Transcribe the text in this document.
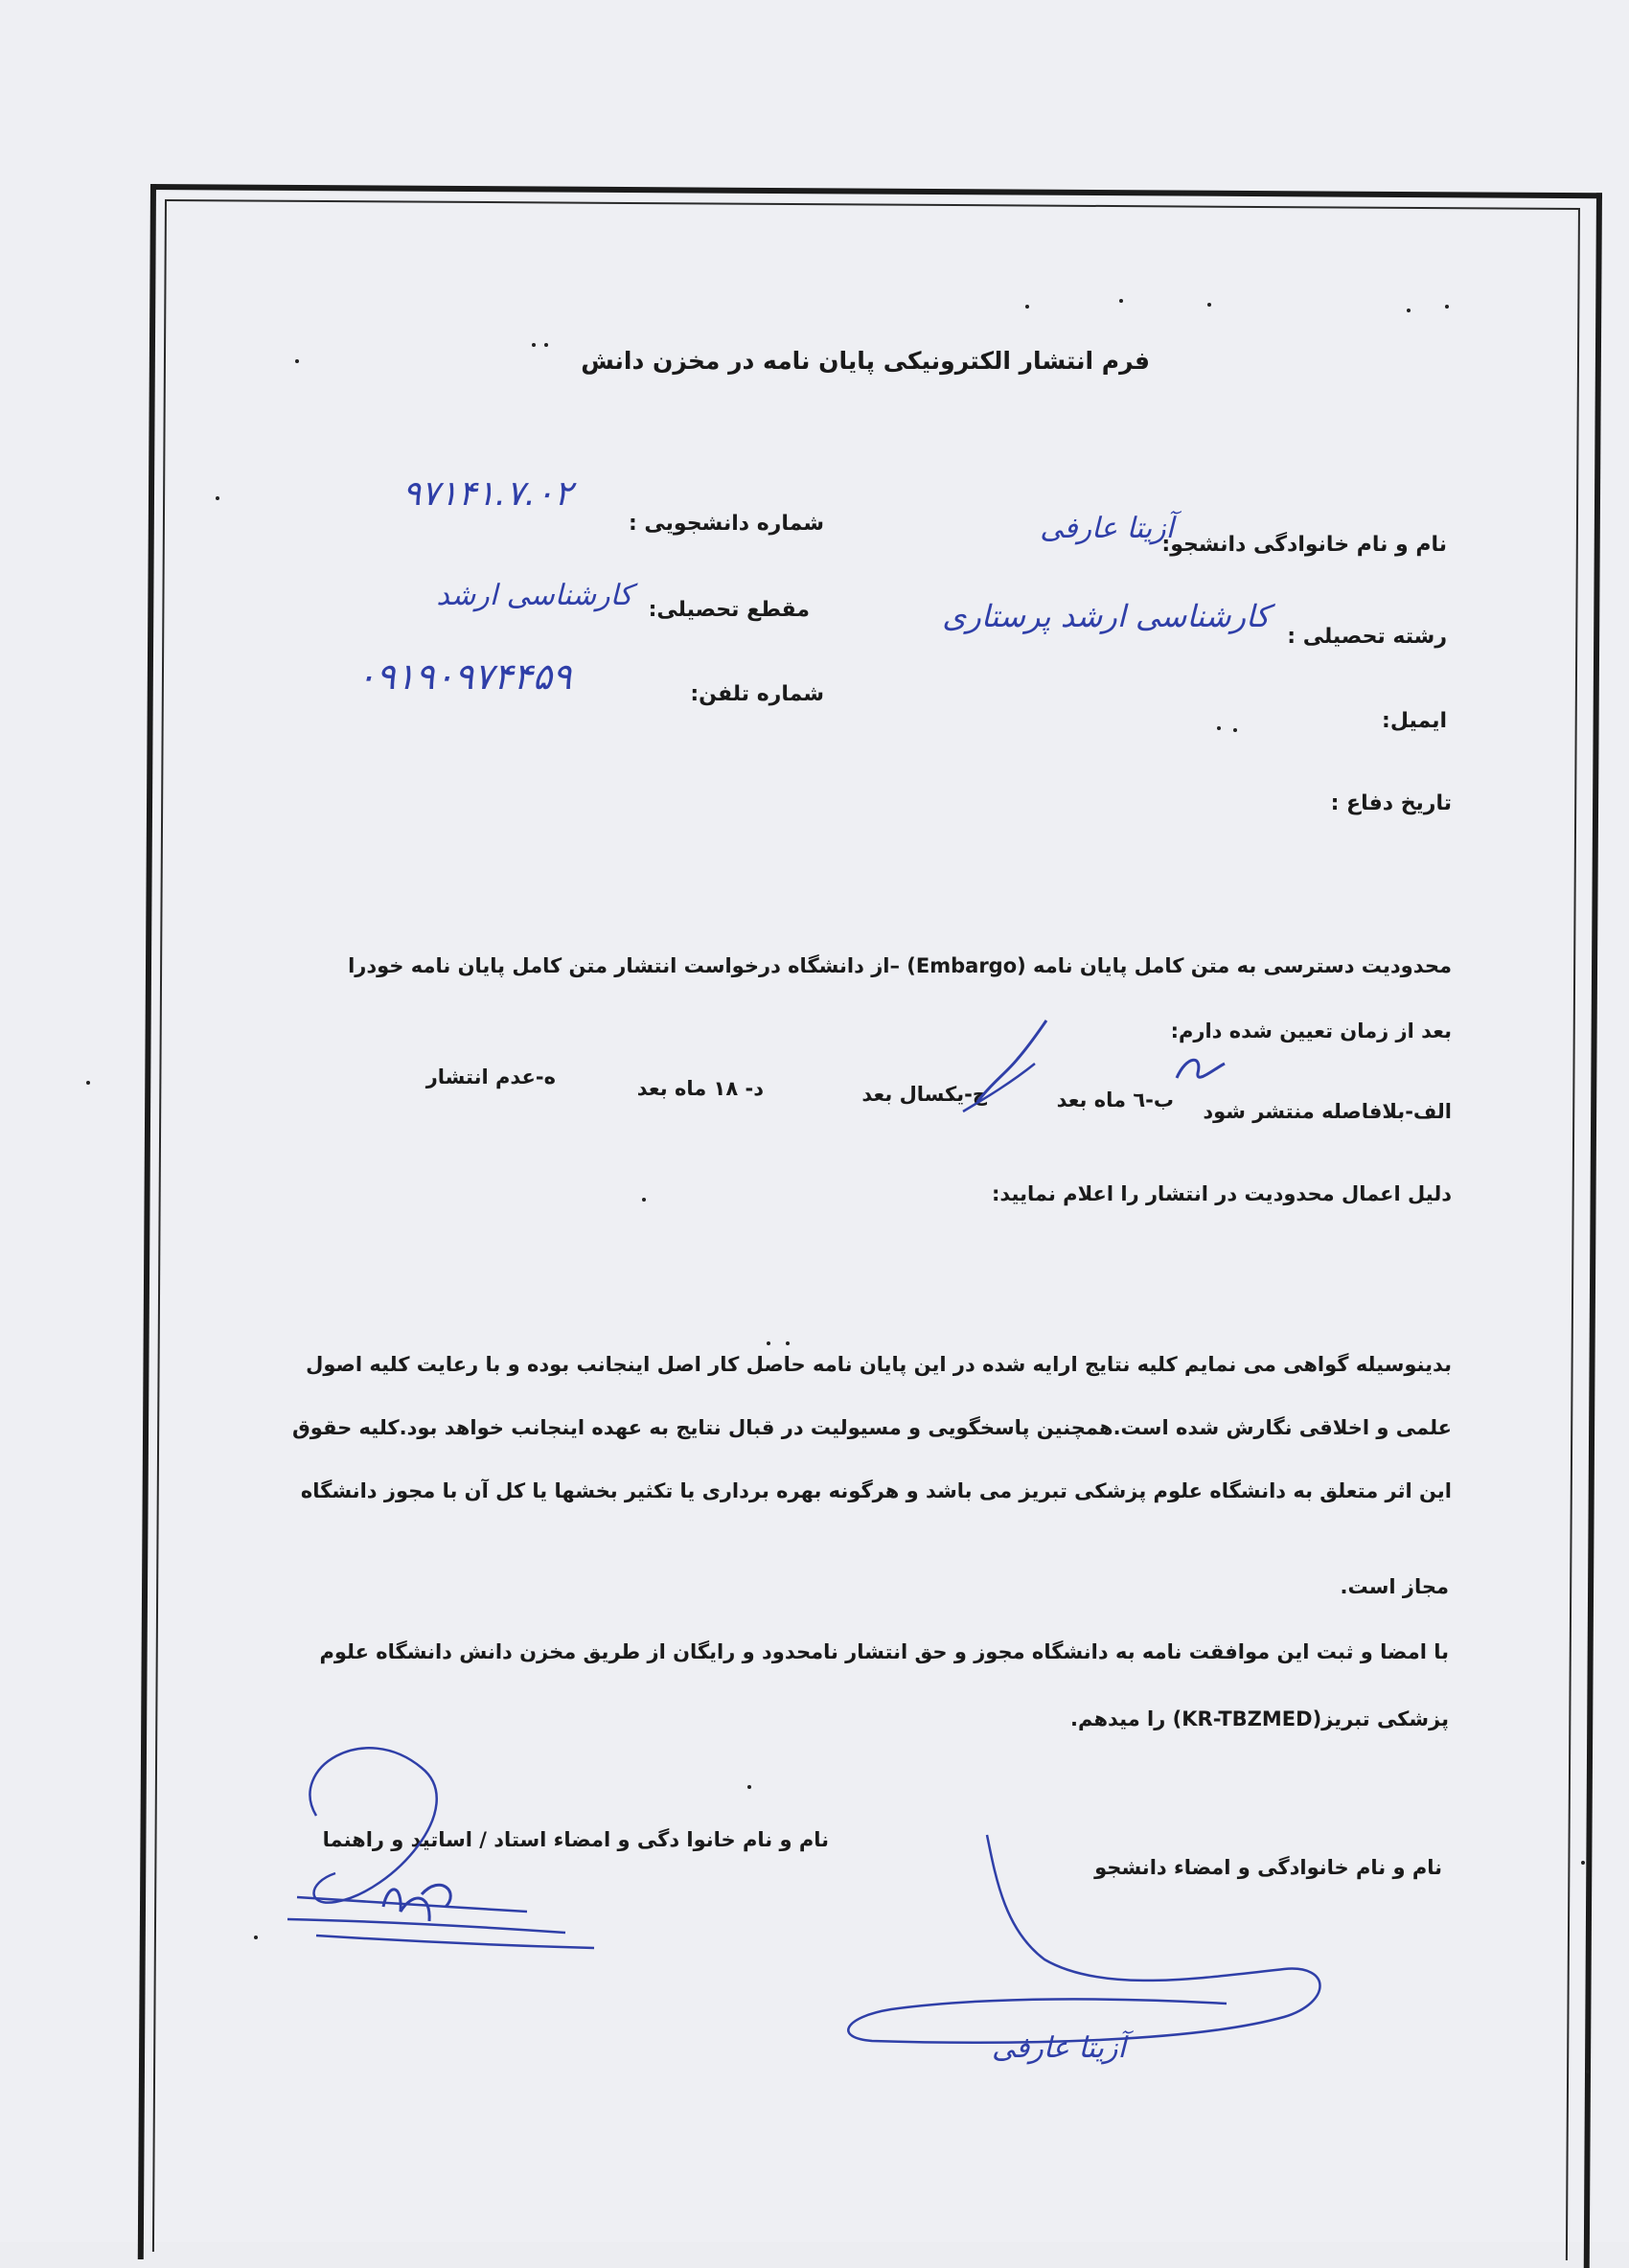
فرم انتشار الکترونیکی پایان نامه در مخزن دانش
نام و نام خانوادگی دانشجو:
آزیتا عارفی
شماره دانشجویی :
۹۷۱۴۱.۷.۰۲
رشته تحصیلی :
کارشناسی ارشد پرستاری
مقطع تحصیلی:
کارشناسی ارشد
ایمیل:
شماره تلفن:
۰۹۱۹۰۹۷۴۴۵۹
تاریخ دفاع :
محدودیت دسترسی به متن کامل پایان نامه (Embargo) –از دانشگاه درخواست انتشار متن کامل پایان نامه خودرا
بعد از زمان تعیین شده دارم:
الف-بلافاصله منتشر شود
ب-٦ ماه بعد
ج-یکسال بعد
د- ١٨ ماه بعد
ه-عدم انتشار
دلیل اعمال محدودیت در انتشار را اعلام نمایید:
بدینوسیله گواهی می نمایم کلیه نتایج ارایه شده در این پایان نامه حاصل کار اصل اینجانب بوده و با رعایت کلیه اصول
علمی و اخلاقی نگارش شده است.همچنین پاسخگویی و مسیولیت در قبال نتایج به عهده اینجانب خواهد بود.کلیه حقوق
این اثر متعلق به دانشگاه علوم پزشکی تبریز می باشد و هرگونه بهره برداری یا تکثیر بخشها یا کل آن با مجوز دانشگاه
مجاز است.
با امضا و ثبت این موافقت نامه به دانشگاه مجوز و حق انتشار نامحدود و رایگان از طریق مخزن دانش دانشگاه علوم
پزشکی تبریز(KR-TBZMED) را میدهم.
نام و نام خانوا دگی و امضاء استاد / اساتید و راهنما
نام و نام خانوادگی و امضاء دانشجو
آزیتا عارفی
